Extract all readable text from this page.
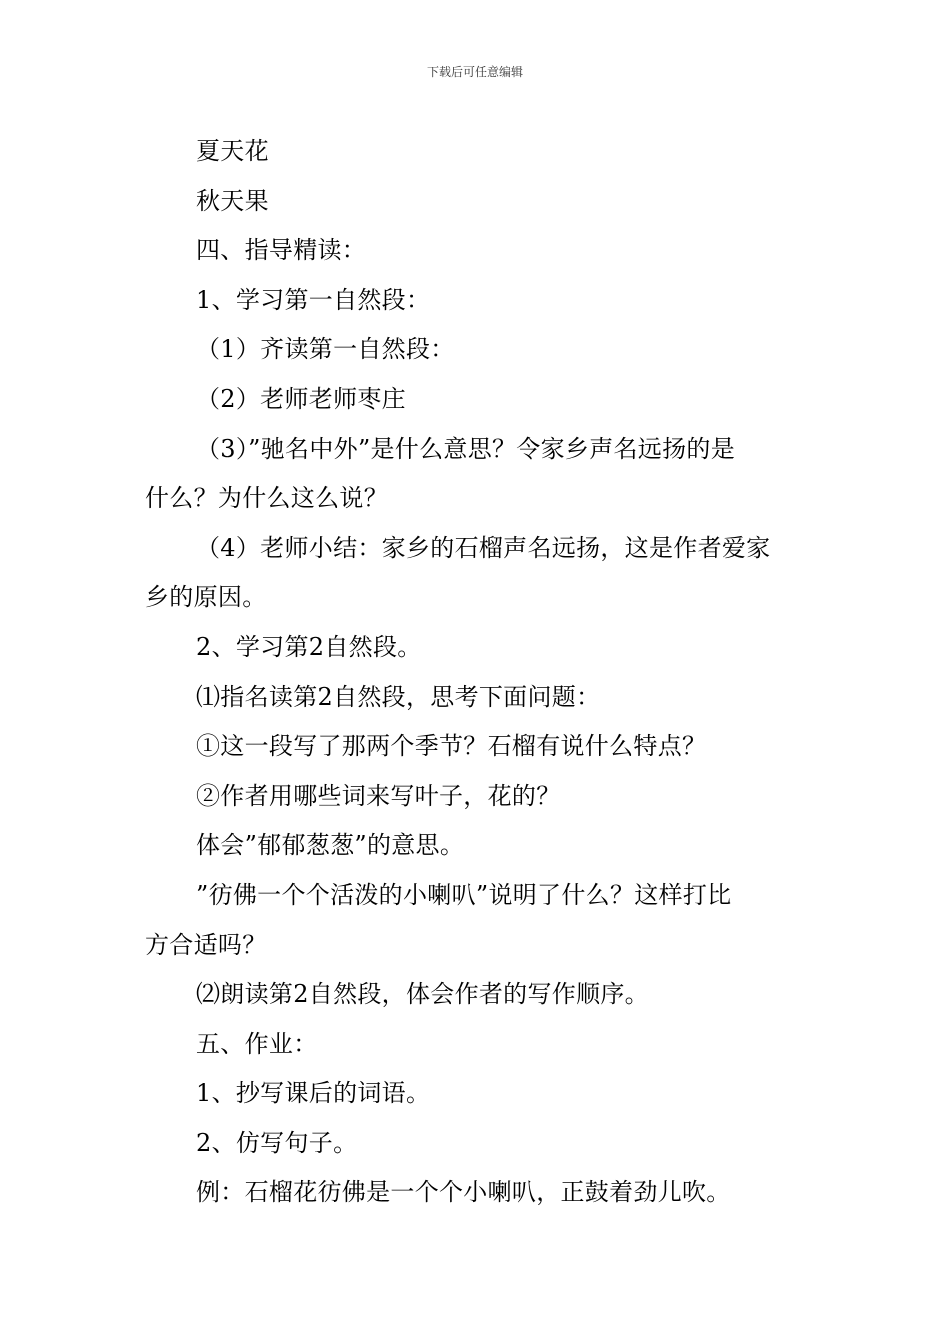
下载后可任意编辑
夏天花
秋天果
四、指导精读：
1、学习第一自然段：
（1）齐读第一自然段：
（2）老师老师枣庄
（3）”驰名中外”是什么意思？令家乡声名远扬的是
什么？为什么这么说？
（4）老师小结：家乡的石榴声名远扬，这是作者爱家
乡的原因。
2、学习第2自然段。
⑴指名读第2自然段，思考下面问题：
①这一段写了那两个季节？石榴有说什么特点？
②作者用哪些词来写叶子，花的？
体会”郁郁葱葱”的意思。
”彷佛一个个活泼的小喇叭”说明了什么？这样打比
方合适吗？
⑵朗读第2自然段，体会作者的写作顺序。
五、作业：
1、抄写课后的词语。
2、仿写句子。
例：石榴花彷佛是一个个小喇叭，正鼓着劲儿吹。
